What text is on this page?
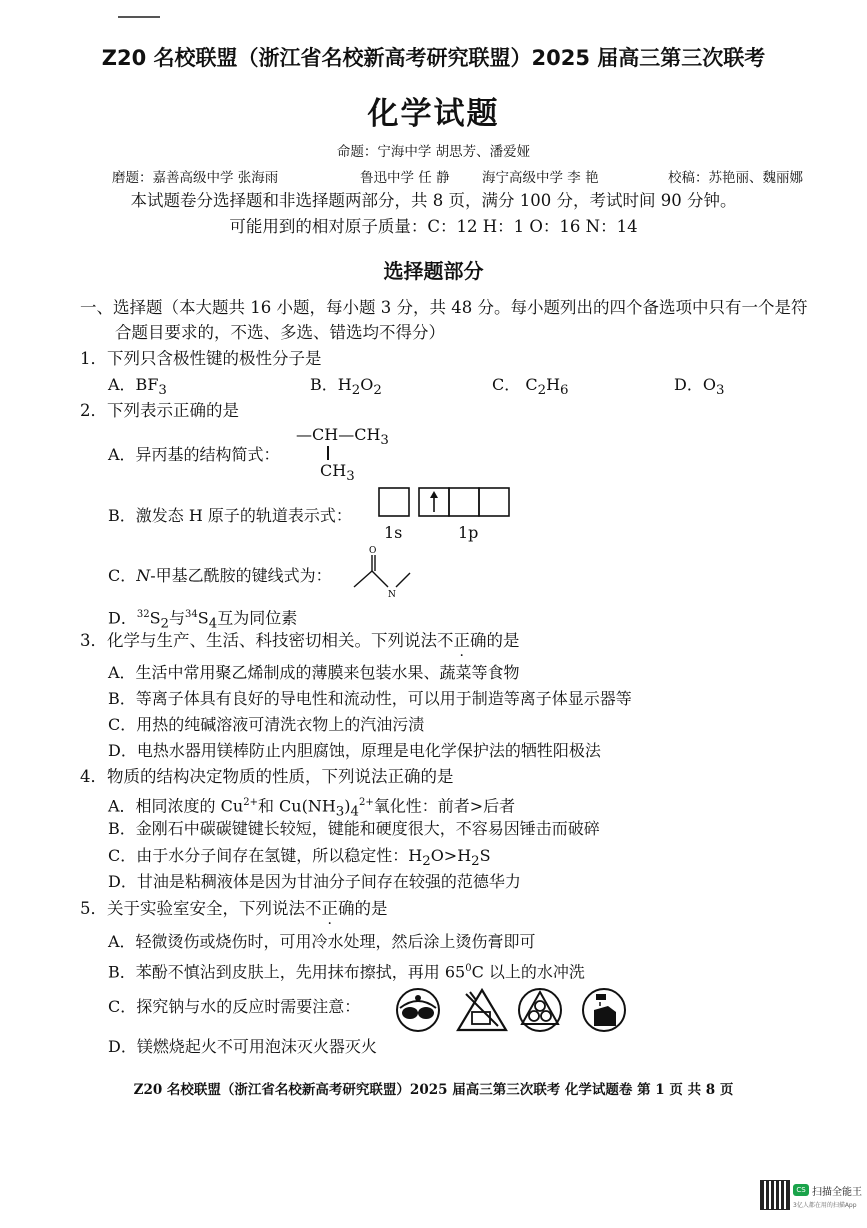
Z20 名校联盟（浙江省名校新高考研究联盟）2025 届高三第三次联考
化学试题
命题：宁海中学 胡思芳、潘爱娅
磨题：嘉善高级中学 张海雨	鲁迅中学 任 静 海宁高级中学 李 艳	校稿：苏艳丽、魏丽娜
本试题卷分选择题和非选择题两部分，共 8 页，满分 100 分，考试时间 90 分钟。
可能用到的相对原子质量：C：12 H：1 O：16 N：14
选择题部分
一、选择题（本大题共 16 小题，每小题 3 分，共 48 分。每小题列出的四个备选项中只有一个是符
合题目要求的，不选、多选、错选均不得分）
1．下列只含极性键的极性分子是
A．$BF_3$	B．$H_2O_2$	C． $C_2H_6$	D．$O_3$
2．下列表示正确的是
A．异丙基的结构简式：
$—CH—CH_3$
$CH_3$
B．激发态 H 原子的轨道表示式：
1s	1p
C．N-甲基乙酰胺的键线式为：
O
N
D．$^{32}S_2$与$^{34}S_4$互为同位素
3．化学与生产、生活、科技密切相关。下列说法不正确的是
A．生活中常用聚乙烯制成的薄膜来包装水果、蔬菜等食物
B．等离子体具有良好的导电性和流动性，可以用于制造等离子体显示器等
C．用热的纯碱溶液可清洗衣物上的汽油污渍
D．电热水器用镁棒防止内胆腐蚀，原理是电化学保护法的牺牲阳极法
4．物质的结构决定物质的性质，下列说法正确的是
A．相同浓度的 $Cu^{2+}$和 $Cu(NH_3)_4^{2+}$氧化性：前者>后者
B．金刚石中碳碳键键长较短，键能和硬度很大，不容易因锤击而破碎
C．由于水分子间存在氢键，所以稳定性：$H_2O>H_2S$
D．甘油是粘稠液体是因为甘油分子间存在较强的范德华力
5．关于实验室安全，下列说法不正确的是
A．轻微烫伤或烧伤时，可用冷水处理，然后涂上烫伤膏即可
B．苯酚不慎沾到皮肤上，先用抹布擦拭，再用 $65^0C$ 以上的水冲洗
C．探究钠与水的反应时需要注意：
D．镁燃烧起火不可用泡沫灭火器灭火
Z20 名校联盟（浙江省名校新高考研究联盟）2025 届高三第三次联考 化学试题卷 第 1 页 共 8 页
CS 扫描全能王
3亿人都在用的扫描App
